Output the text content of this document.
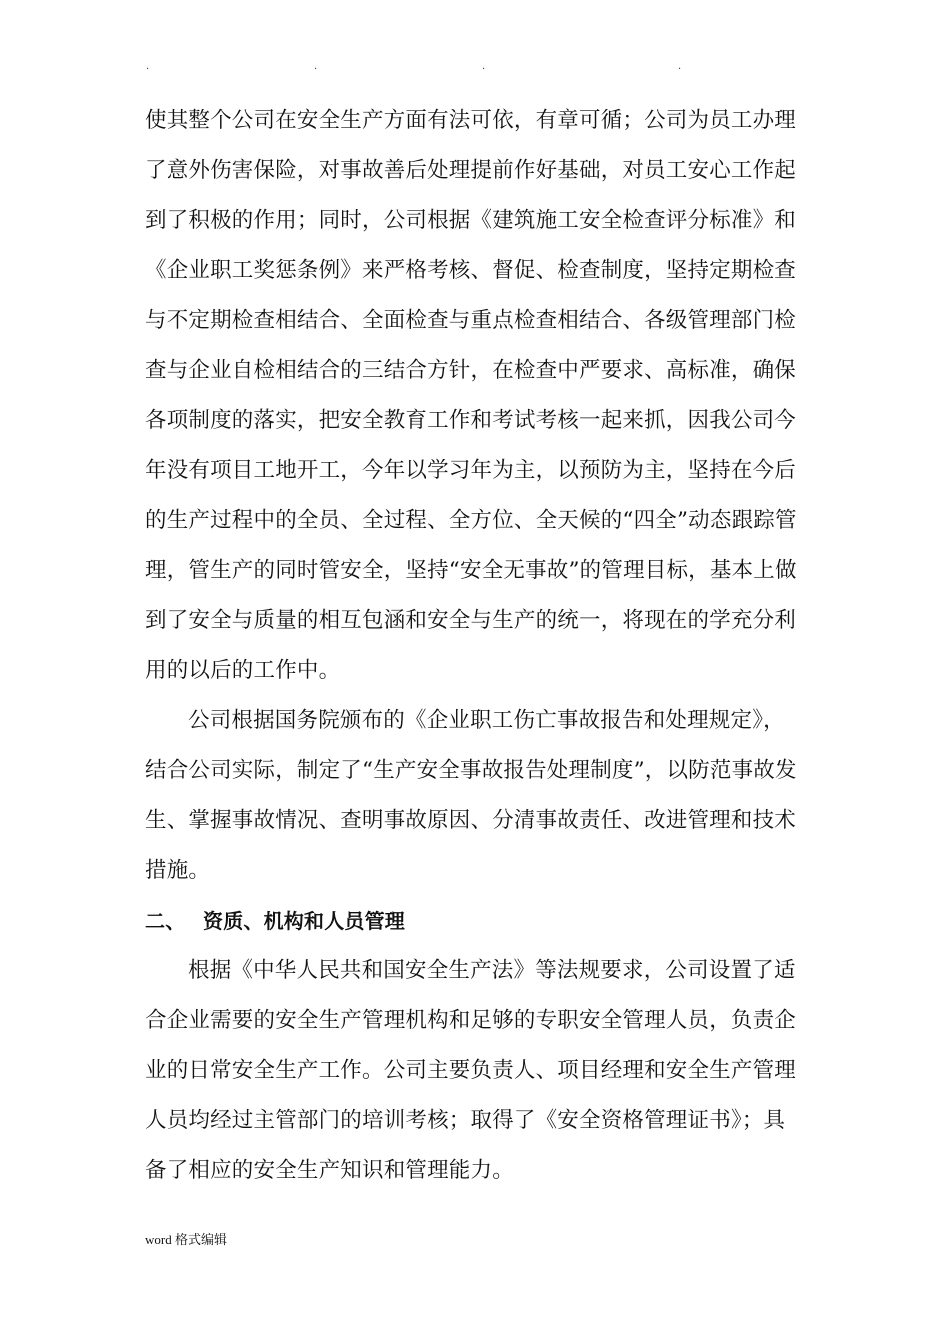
.	.	.	.
使其整个公司在安全生产方面有法可依，有章可循；公司为员工办理
了意外伤害保险，对事故善后处理提前作好基础，对员工安心工作起
到了积极的作用；同时，公司根据《建筑施工安全检查评分标准》和
《企业职工奖惩条例》来严格考核、督促、检查制度，坚持定期检查
与不定期检查相结合、全面检查与重点检查相结合、各级管理部门检
查与企业自检相结合的三结合方针，在检查中严要求、高标准，确保
各项制度的落实，把安全教育工作和考试考核一起来抓，因我公司今
年没有项目工地开工，今年以学习年为主，以预防为主，坚持在今后
的生产过程中的全员、全过程、全方位、全天候的“四全”动态跟踪管
理，管生产的同时管安全，坚持“安全无事故”的管理目标，基本上做
到了安全与质量的相互包涵和安全与生产的统一，将现在的学充分利
用的以后的工作中。
公司根据国务院颁布的《企业职工伤亡事故报告和处理规定》，
结合公司实际，制定了“生产安全事故报告处理制度”，以防范事故发
生、掌握事故情况、查明事故原因、分清事故责任、改进管理和技术
措施。
二、 资质、机构和人员管理
根据《中华人民共和国安全生产法》等法规要求，公司设置了适
合企业需要的安全生产管理机构和足够的专职安全管理人员，负责企
业的日常安全生产工作。公司主要负责人、项目经理和安全生产管理
人员均经过主管部门的培训考核；取得了《安全资格管理证书》；具
备了相应的安全生产知识和管理能力。
word 格式编辑
